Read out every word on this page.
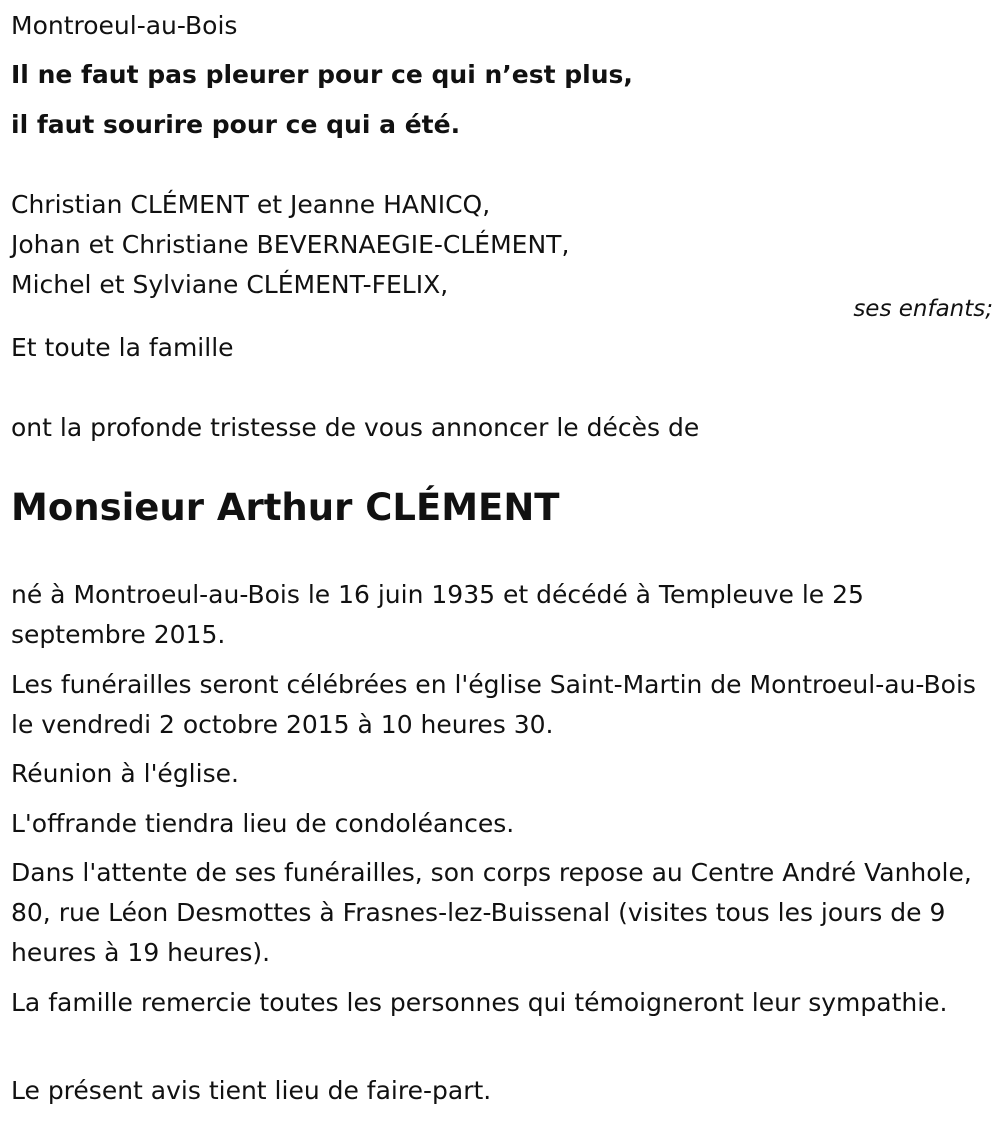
Montroeul-au-Bois
Il ne faut pas pleurer pour ce qui n’est plus,
il faut sourire pour ce qui a été.
Christian CLÉMENT et Jeanne HANICQ,
Johan et Christiane BEVERNAEGIE-CLÉMENT,
Michel et Sylviane CLÉMENT-FELIX,
ses enfants;
Et toute la famille
ont la profonde tristesse de vous annoncer le décès de
Monsieur Arthur CLÉMENT
né à Montroeul-au-Bois le 16 juin 1935 et décédé à Templeuve le 25 septembre 2015.
Les funérailles seront célébrées en l'église Saint-Martin de Montroeul-au-Bois le vendredi 2 octobre 2015 à 10 heures 30.
Réunion à l'église.
L'offrande tiendra lieu de condoléances.
Dans l'attente de ses funérailles, son corps repose au Centre André Vanhole, 80, rue Léon Desmottes à Frasnes-lez-Buissenal (visites tous les jours de 9 heures à 19 heures).
La famille remercie toutes les personnes qui témoigneront leur sympathie.
Le présent avis tient lieu de faire-part.
